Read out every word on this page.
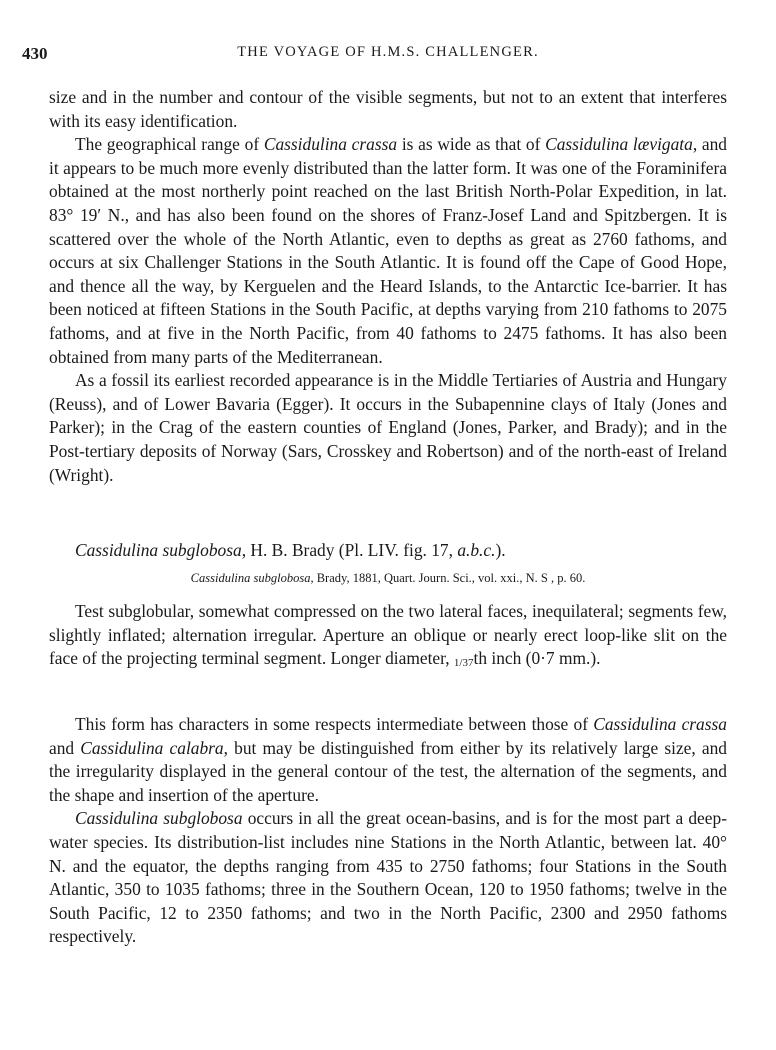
430	THE VOYAGE OF H.M.S. CHALLENGER.

size and in the number and contour of the visible segments, but not to an extent that interferes with its easy identification.

The geographical range of Cassidulina crassa is as wide as that of Cassidulina lævigata, and it appears to be much more evenly distributed than the latter form. It was one of the Foraminifera obtained at the most northerly point reached on the last British North-Polar Expedition, in lat. 83° 19′ N., and has also been found on the shores of Franz-Josef Land and Spitzbergen. It is scattered over the whole of the North Atlantic, even to depths as great as 2760 fathoms, and occurs at six Challenger Stations in the South Atlantic. It is found off the Cape of Good Hope, and thence all the way, by Kerguelen and the Heard Islands, to the Antarctic Ice-barrier. It has been noticed at fifteen Stations in the South Pacific, at depths varying from 210 fathoms to 2075 fathoms, and at five in the North Pacific, from 40 fathoms to 2475 fathoms. It has also been obtained from many parts of the Mediterranean.

As a fossil its earliest recorded appearance is in the Middle Tertiaries of Austria and Hungary (Reuss), and of Lower Bavaria (Egger). It occurs in the Subapennine clays of Italy (Jones and Parker); in the Crag of the eastern counties of England (Jones, Parker, and Brady); and in the Post-tertiary deposits of Norway (Sars, Crosskey and Robertson) and of the north-east of Ireland (Wright).

Cassidulina subglobosa, H. B. Brady (Pl. LIV. fig. 17, a.b.c.).
Cassidulina subglobosa, Brady, 1881, Quart. Journ. Sci., vol. xxi., N. S , p. 60.

Test subglobular, somewhat compressed on the two lateral faces, inequilateral; segments few, slightly inflated; alternation irregular. Aperture an oblique or nearly erect loop-like slit on the face of the projecting terminal segment. Longer diameter, 1/37th inch (0·7 mm.).

This form has characters in some respects intermediate between those of Cassidulina crassa and Cassidulina calabra, but may be distinguished from either by its relatively large size, and the irregularity displayed in the general contour of the test, the alternation of the segments, and the shape and insertion of the aperture.

Cassidulina subglobosa occurs in all the great ocean-basins, and is for the most part a deep-water species. Its distribution-list includes nine Stations in the North Atlantic, between lat. 40° N. and the equator, the depths ranging from 435 to 2750 fathoms; four Stations in the South Atlantic, 350 to 1035 fathoms; three in the Southern Ocean, 120 to 1950 fathoms; twelve in the South Pacific, 12 to 2350 fathoms; and two in the North Pacific, 2300 and 2950 fathoms respectively.
